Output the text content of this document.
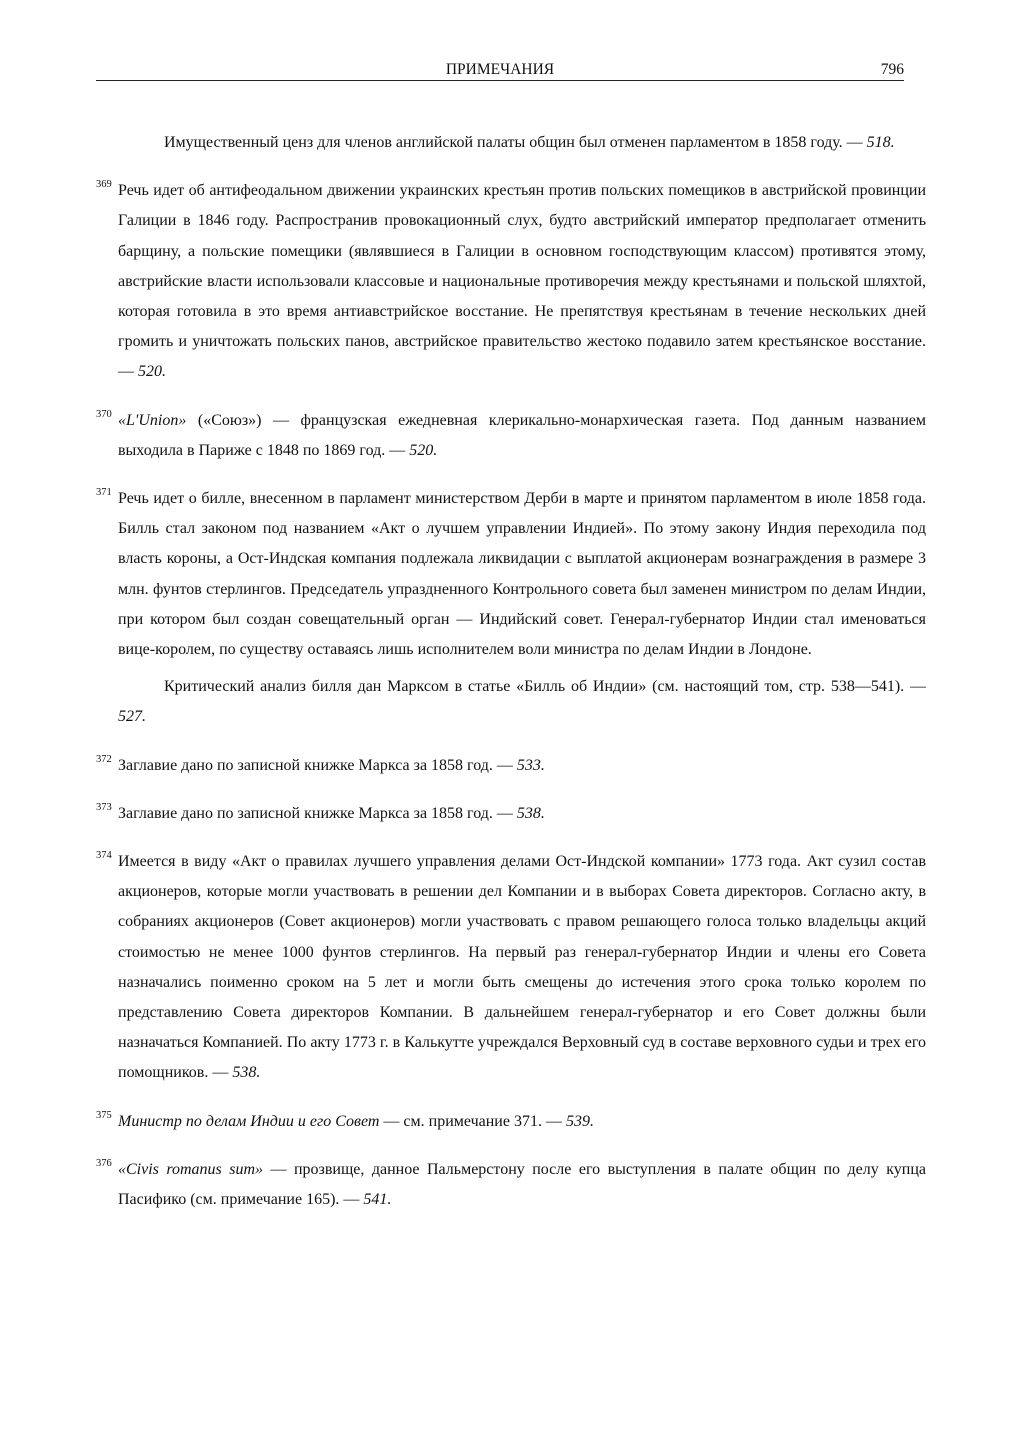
ПРИМЕЧАНИЯ	796

Имущественный ценз для членов английской палаты общин был отменен парламентом в 1858 году. — 518.

$^{369}$ Речь идет об антифеодальном движении украинских крестьян против польских помещиков в австрийской провинции Галиции в 1846 году. Распространив провокационный слух, будто австрийский император предполагает отменить барщину, а польские помещики (являвшиеся в Галиции в основном господствующим классом) противятся этому, австрийские власти использовали классовые и национальные противоречия между крестьянами и польской шляхтой, которая готовила в это время антиавстрийское восстание. Не препятствуя крестьянам в течение нескольких дней громить и уничтожать польских панов, австрийское правительство жестоко подавило затем крестьянское восстание. — 520.

$^{370}$ «L'Union» («Союз») — французская ежедневная клерикально-монархическая газета. Под данным названием выходила в Париже с 1848 по 1869 год. — 520.

$^{371}$ Речь идет о билле, внесенном в парламент министерством Дерби в марте и принятом парламентом в июле 1858 года. Билль стал законом под названием «Акт о лучшем управлении Индией». По этому закону Индия переходила под власть короны, а Ост-Индская компания подлежала ликвидации с выплатой акционерам вознаграждения в размере 3 млн. фунтов стерлингов. Председатель упраздненного Контрольного совета был заменен министром по делам Индии, при котором был создан совещательный орган — Индийский совет. Генерал-губернатор Индии стал именоваться вице-королем, по существу оставаясь лишь исполнителем воли министра по делам Индии в Лондоне.

Критический анализ билля дан Марксом в статье «Билль об Индии» (см. настоящий том, стр. 538—541). — 527.

$^{372}$ Заглавие дано по записной книжке Маркса за 1858 год. — 533.

$^{373}$ Заглавие дано по записной книжке Маркса за 1858 год. — 538.

$^{374}$ Имеется в виду «Акт о правилах лучшего управления делами Ост-Индской компании» 1773 года. Акт сузил состав акционеров, которые могли участвовать в решении дел Компании и в выборах Совета директоров. Согласно акту, в собраниях акционеров (Совет акционеров) могли участвовать с правом решающего голоса только владельцы акций стоимостью не менее 1000 фунтов стерлингов. На первый раз генерал-губернатор Индии и члены его Совета назначались поименно сроком на 5 лет и могли быть смещены до истечения этого срока только королем по представлению Совета директоров Компании. В дальнейшем генерал-губернатор и его Совет должны были назначаться Компанией. По акту 1773 г. в Калькутте учреждался Верховный суд в составе верховного судьи и трех его помощников. — 538.

$^{375}$ Министр по делам Индии и его Совет — см. примечание 371. — 539.

$^{376}$ «Civis romanus sum» — прозвище, данное Пальмерстону после его выступления в палате общин по делу купца Пасифико (см. примечание 165). — 541.
